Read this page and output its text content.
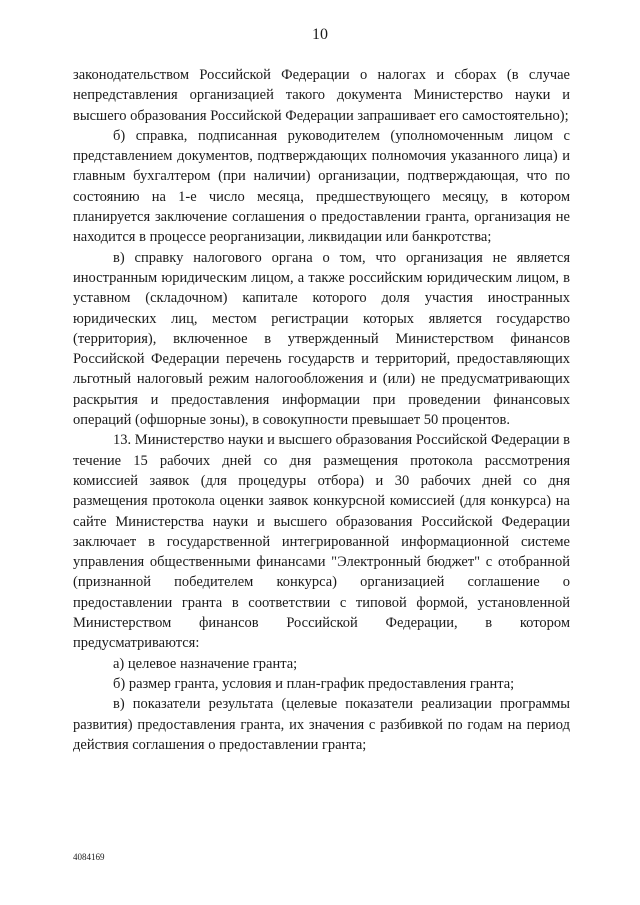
10

законодательством Российской Федерации о налогах и сборах (в случае непредставления организацией такого документа Министерство науки и высшего образования Российской Федерации запрашивает его самостоятельно);

б) справка, подписанная руководителем (уполномоченным лицом с представлением документов, подтверждающих полномочия указанного лица) и главным бухгалтером (при наличии) организации, подтверждающая, что по состоянию на 1-е число месяца, предшествующего месяцу, в котором планируется заключение соглашения о предоставлении гранта, организация не находится в процессе реорганизации, ликвидации или банкротства;

в) справку налогового органа о том, что организация не является иностранным юридическим лицом, а также российским юридическим лицом, в уставном (складочном) капитале которого доля участия иностранных юридических лиц, местом регистрации которых является государство (территория), включенное в утвержденный Министерством финансов Российской Федерации перечень государств и территорий, предоставляющих льготный налоговый режим налогообложения и (или) не предусматривающих раскрытия и предоставления информации при проведении финансовых операций (офшорные зоны), в совокупности превышает 50 процентов.

13. Министерство науки и высшего образования Российской Федерации в течение 15 рабочих дней со дня размещения протокола рассмотрения комиссией заявок (для процедуры отбора) и 30 рабочих дней со дня размещения протокола оценки заявок конкурсной комиссией (для конкурса) на сайте Министерства науки и высшего образования Российской Федерации заключает в государственной интегрированной информационной системе управления общественными финансами "Электронный бюджет" с отобранной (признанной победителем конкурса) организацией соглашение о предоставлении гранта в соответствии с типовой формой, установленной Министерством финансов Российской Федерации, в котором предусматриваются:

а) целевое назначение гранта;

б) размер гранта, условия и план-график предоставления гранта;

в) показатели результата (целевые показатели реализации программы развития) предоставления гранта, их значения с разбивкой по годам на период действия соглашения о предоставлении гранта;

4084169
